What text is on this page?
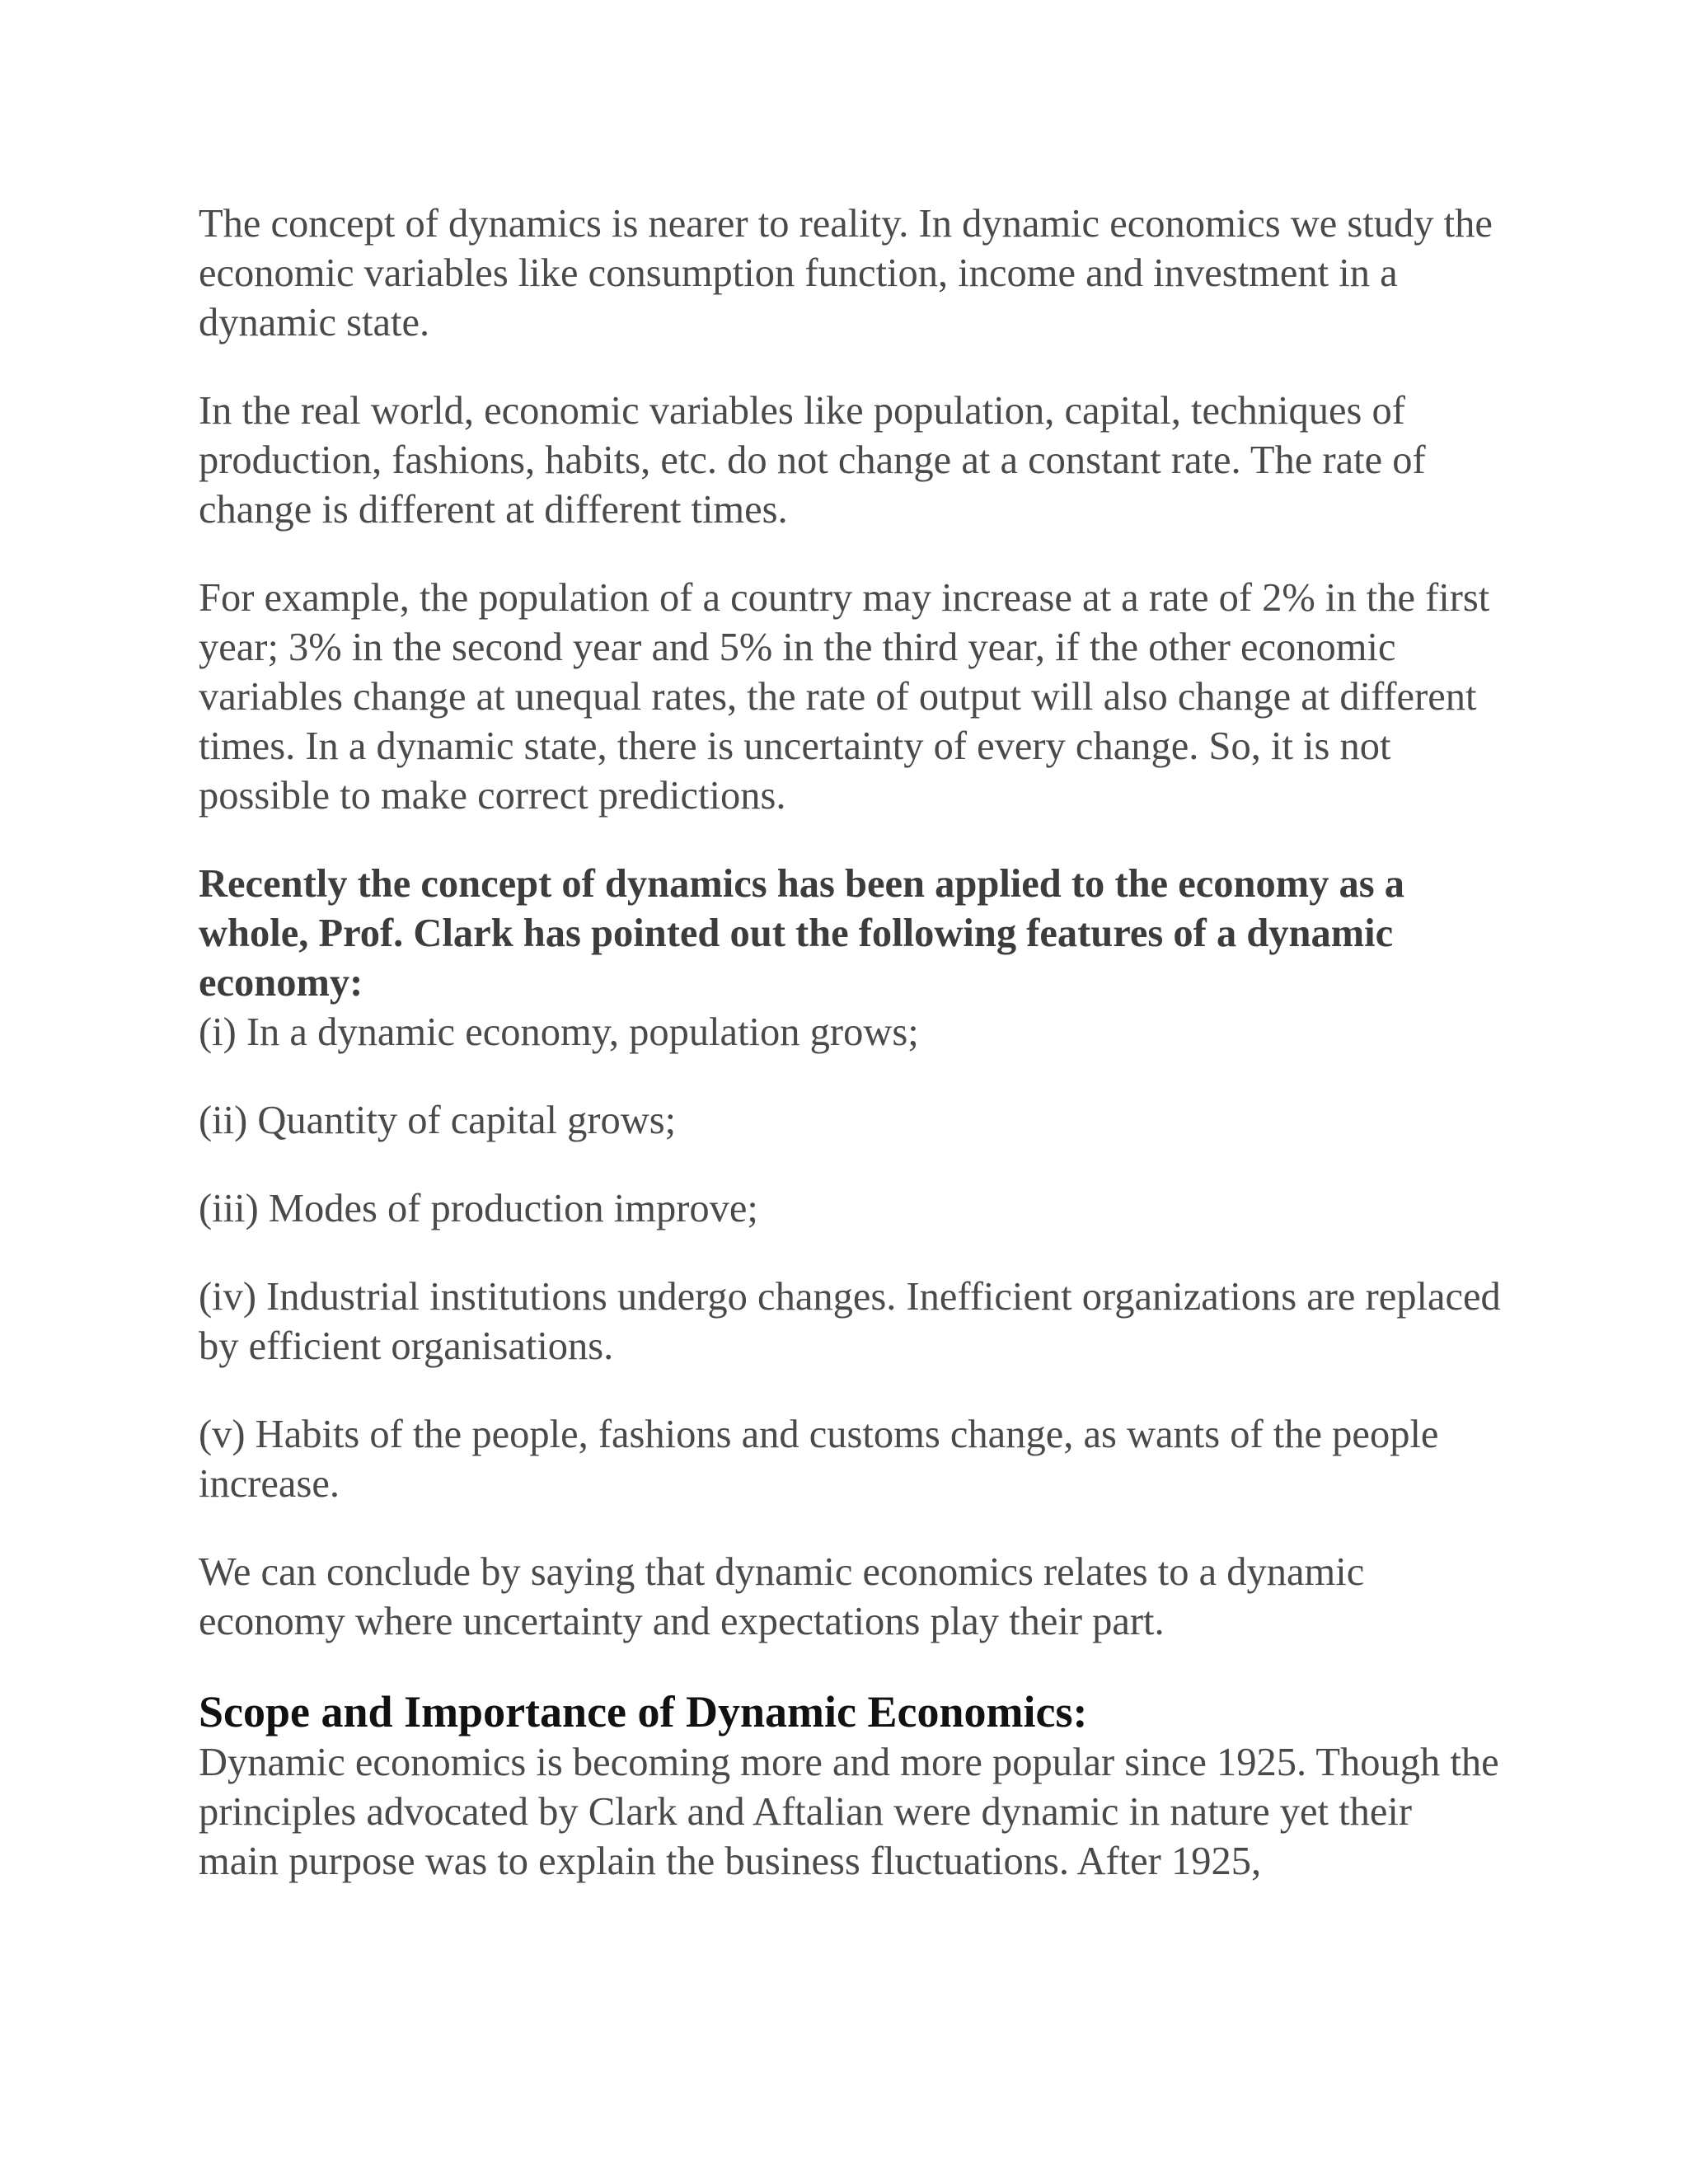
The concept of dynamics is nearer to reality. In dynamic economics we study the economic variables like consumption function, income and investment in a dynamic state.

In the real world, economic variables like population, capital, techniques of production, fashions, habits, etc. do not change at a constant rate. The rate of change is different at different times.

For example, the population of a country may increase at a rate of 2% in the first year; 3% in the second year and 5% in the third year, if the other economic variables change at unequal rates, the rate of output will also change at different times. In a dynamic state, there is uncertainty of every change. So, it is not possible to make correct predictions.

Recently the concept of dynamics has been applied to the economy as a whole, Prof. Clark has pointed out the following features of a dynamic economy:

(i) In a dynamic economy, population grows;
(ii) Quantity of capital grows;
(iii) Modes of production improve;
(iv) Industrial institutions undergo changes. Inefficient organizations are replaced by efficient organisations.
(v) Habits of the people, fashions and customs change, as wants of the people increase.

We can conclude by saying that dynamic economics relates to a dynamic economy where uncertainty and expectations play their part.

Scope and Importance of Dynamic Economics:

Dynamic economics is becoming more and more popular since 1925. Though the principles advocated by Clark and Aftalian were dynamic in nature yet their main purpose was to explain the business fluctuations. After 1925,
